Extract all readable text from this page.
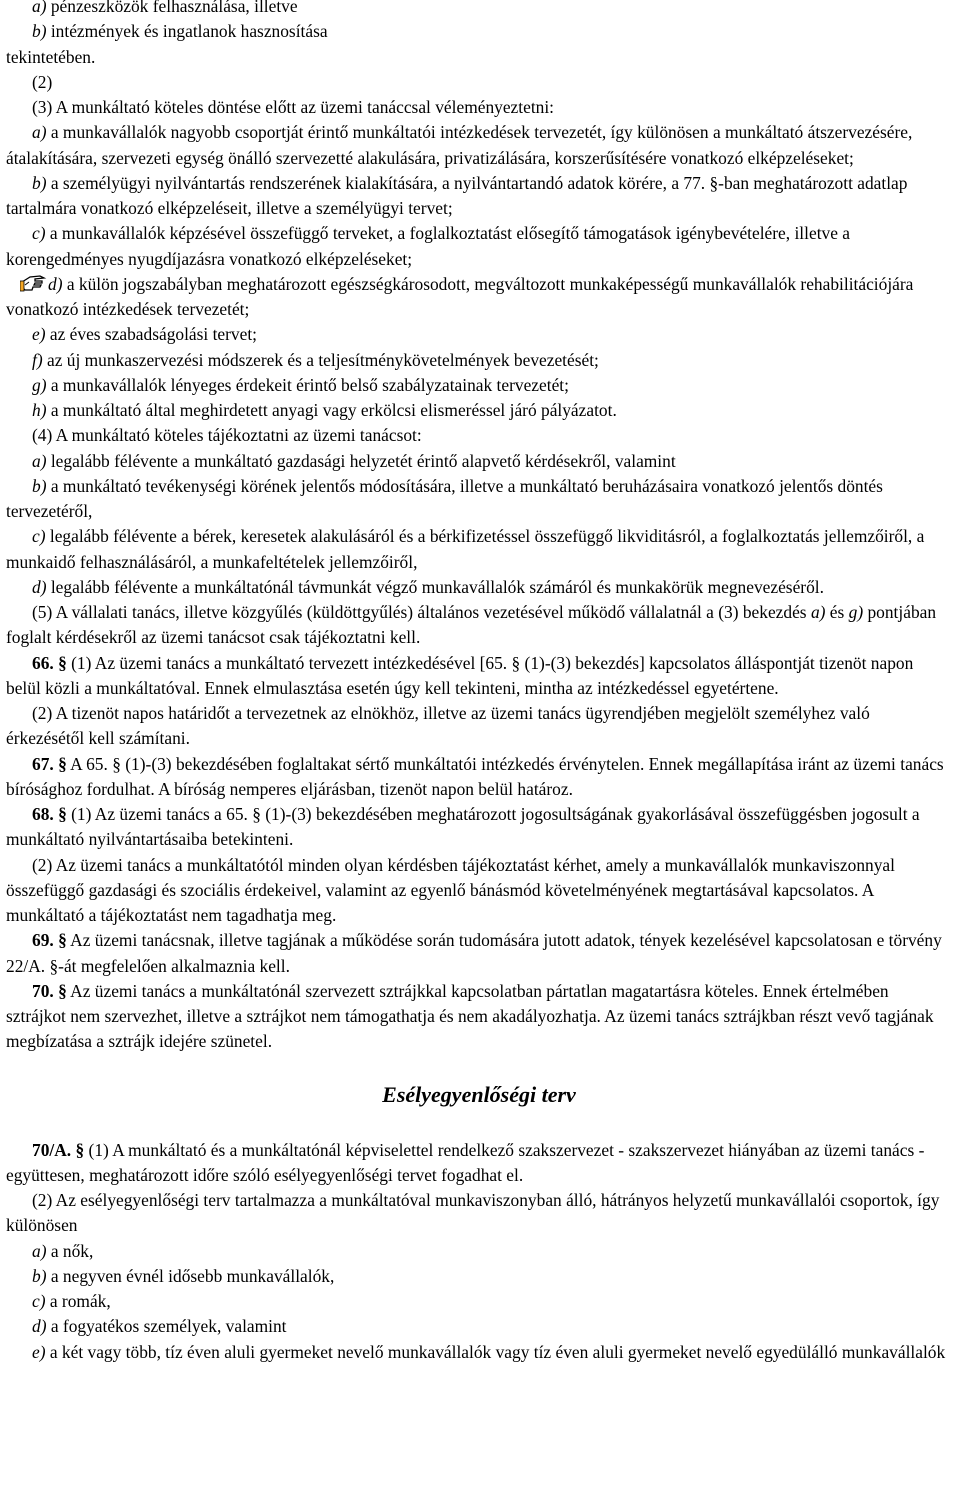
a) pénzeszközök felhasználása, illetve

b) intézmények és ingatlanok hasznosítása

tekintetében.

(2)

(3) A munkáltató köteles döntése előtt az üzemi tanáccsal véleményeztetni:

a) a munkavállalók nagyobb csoportját érintő munkáltatói intézkedések tervezetét, így különösen a munkáltató átszervezésére, átalakítására, szervezeti egység önálló szervezetté alakulására, privatizálására, korszerűsítésére vonatkozó elképzeléseket;

b) a személyügyi nyilvántartás rendszerének kialakítására, a nyilvántartandó adatok körére, a 77. §-ban meghatározott adatlap tartalmára vonatkozó elképzeléseit, illetve a személyügyi tervet;

c) a munkavállalók képzésével összefüggő terveket, a foglalkoztatást elősegítő támogatások igénybevételére, illetve a korengedményes nyugdíjazásra vonatkozó elképzeléseket;

d) a külön jogszabályban meghatározott egészségkárosodott, megváltozott munkaképességű munkavállalók rehabilitációjára vonatkozó intézkedések tervezetét;

e) az éves szabadságolási tervet;

f) az új munkaszervezési módszerek és a teljesítménykövetelmények bevezetését;

g) a munkavállalók lényeges érdekeit érintő belső szabályzatainak tervezetét;

h) a munkáltató által meghirdetett anyagi vagy erkölcsi elismeréssel járó pályázatot.

(4) A munkáltató köteles tájékoztatni az üzemi tanácsot:

a) legalább félévente a munkáltató gazdasági helyzetét érintő alapvető kérdésekről, valamint

b) a munkáltató tevékenységi körének jelentős módosítására, illetve a munkáltató beruházásaira vonatkozó jelentős döntés tervezetéről,

c) legalább félévente a bérek, keresetek alakulásáról és a bérkifizetéssel összefüggő likviditásról, a foglalkoztatás jellemzőiről, a munkaidő felhasználásáról, a munkafeltételek jellemzőiről,

d) legalább félévente a munkáltatónál távmunkát végző munkavállalók számáról és munkakörük megnevezéséről.

(5) A vállalati tanács, illetve közgyűlés (küldöttgyűlés) általános vezetésével működő vállalatnál a (3) bekezdés a) és g) pontjában foglalt kérdésekről az üzemi tanácsot csak tájékoztatni kell.

66. § (1) Az üzemi tanács a munkáltató tervezett intézkedésével [65. § (1)-(3) bekezdés] kapcsolatos álláspontját tizenöt napon belül közli a munkáltatóval. Ennek elmulasztása esetén úgy kell tekinteni, mintha az intézkedéssel egyetértene.

(2) A tizenöt napos határidőt a tervezetnek az elnökhöz, illetve az üzemi tanács ügyrendjében megjelölt személyhez való érkezésétől kell számítani.

67. § A 65. § (1)-(3) bekezdésében foglaltakat sértő munkáltatói intézkedés érvénytelen. Ennek megállapítása iránt az üzemi tanács bírósághoz fordulhat. A bíróság nemperes eljárásban, tizenöt napon belül határoz.

68. § (1) Az üzemi tanács a 65. § (1)-(3) bekezdésében meghatározott jogosultságának gyakorlásával összefüggésben jogosult a munkáltató nyilvántartásaiba betekinteni.

(2) Az üzemi tanács a munkáltatótól minden olyan kérdésben tájékoztatást kérhet, amely a munkavállalók munkaviszonnyal összefüggő gazdasági és szociális érdekeivel, valamint az egyenlő bánásmód követelményének megtartásával kapcsolatos. A munkáltató a tájékoztatást nem tagadhatja meg.

69. § Az üzemi tanácsnak, illetve tagjának a működése során tudomására jutott adatok, tények kezelésével kapcsolatosan e törvény 22/A. §-át megfelelően alkalmaznia kell.

70. § Az üzemi tanács a munkáltatónál szervezett sztrájkkal kapcsolatban pártatlan magatartásra köteles. Ennek értelmében sztrájkot nem szervezhet, illetve a sztrájkot nem támogathatja és nem akadályozhatja. Az üzemi tanács sztrájkban részt vevő tagjának megbízatása a sztrájk idejére szünetel.

Esélyegyenlőségi terv

70/A. § (1) A munkáltató és a munkáltatónál képviselettel rendelkező szakszervezet - szakszervezet hiányában az üzemi tanács - együttesen, meghatározott időre szóló esélyegyenlőségi tervet fogadhat el.

(2) Az esélyegyenlőségi terv tartalmazza a munkáltatóval munkaviszonyban álló, hátrányos helyzetű munkavállalói csoportok, így különösen

a) a nők,

b) a negyven évnél idősebb munkavállalók,

c) a romák,

d) a fogyatékos személyek, valamint

e) a két vagy több, tíz éven aluli gyermeket nevelő munkavállalók vagy tíz éven aluli gyermeket nevelő egyedülálló munkavállalók
